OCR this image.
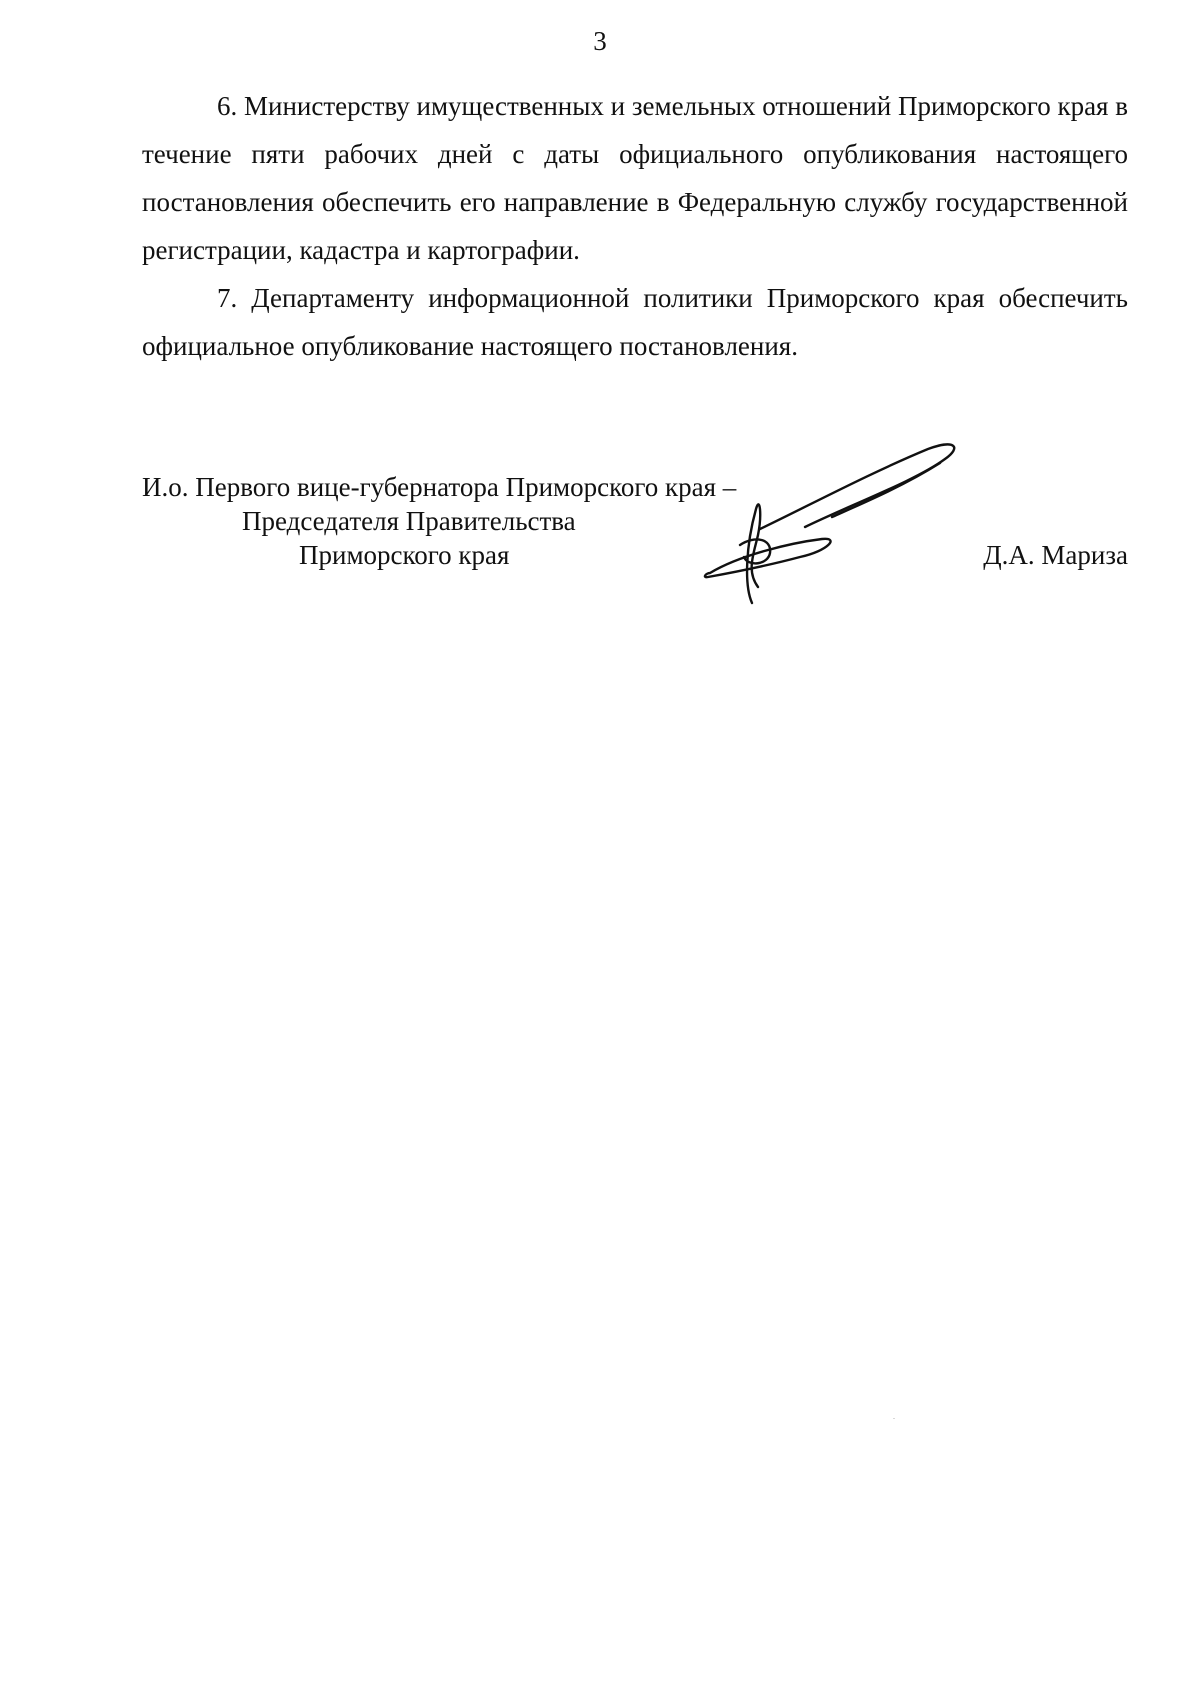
3

6. Министерству имущественных и земельных отношений Приморского края в течение пяти рабочих дней с даты официального опубликования настоящего постановления обеспечить его направление в Федеральную службу государственной регистрации, кадастра и картографии.

7. Департаменту информационной политики Приморского края обеспечить официальное опубликование настоящего постановления.

И.о. Первого вице-губернатора Приморского края –
Председателя Правительства
Приморского края	Д.А. Мариза
